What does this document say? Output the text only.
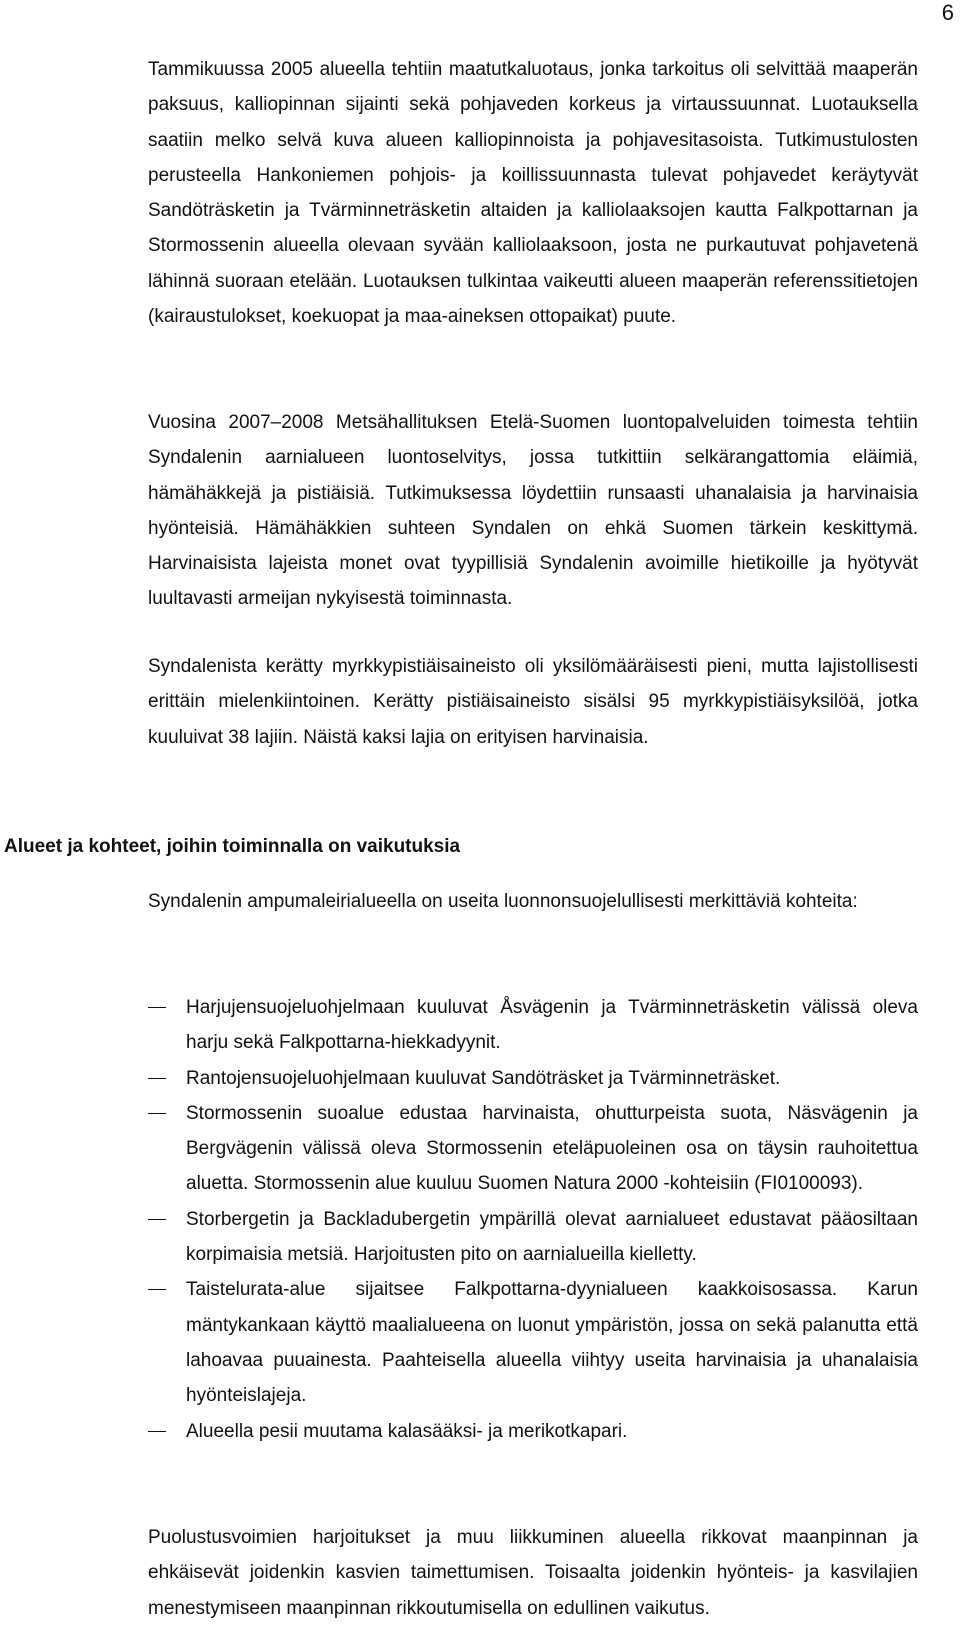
6

Tammikuussa 2005 alueella tehtiin maatutkaluotaus, jonka tarkoitus oli selvittää maaperän paksuus, kalliopinnan sijainti sekä pohjaveden korkeus ja virtaussuunnat. Luotauksella saatiin melko selvä kuva alueen kalliopinnoista ja pohjavesitasoista. Tutkimustulosten perusteella Hankoniemen pohjois- ja koillissuunnasta tulevat pohjavedet keräytyvät Sandöträsketin ja Tvärminneträsketin altaiden ja kalliolaaksojen kautta Falkpottarnan ja Stormossenin alueella olevaan syvään kalliolaaksoon, josta ne purkautuvat pohjavetenä lähinnä suoraan etelään. Luotauksen tulkintaa vaikeutti alueen maaperän referenssitietojen (kairaustulokset, koekuopat ja maa-aineksen ottopaikat) puute.

Vuosina 2007–2008 Metsähallituksen Etelä-Suomen luontopalveluiden toimesta tehtiin Syndalenin aarnialueen luontoselvitys, jossa tutkittiin selkärangattomia eläimiä, hämähäkkejä ja pistiäisiä. Tutkimuksessa löydettiin runsaasti uhanalaisia ja harvinaisia hyönteisiä. Hämähäkkien suhteen Syndalen on ehkä Suomen tärkein keskittymä. Harvinaisista lajeista monet ovat tyypillisiä Syndalenin avoimille hietikoille ja hyötyvät luultavasti armeijan nykyisestä toiminnasta.

Syndalenista kerätty myrkkypistiäisaineisto oli yksilömääräisesti pieni, mutta lajistollisesti erittäin mielenkiintoinen. Kerätty pistiäisaineisto sisälsi 95 myrkkypistiäisyksilöä, jotka kuuluivat 38 lajiin. Näistä kaksi lajia on erityisen harvinaisia.

Alueet ja kohteet, joihin toiminnalla on vaikutuksia

Syndalenin ampumaleirialueella on useita luonnonsuojelullisesti merkittäviä kohteita:

Harjujensuojeluohjelmaan kuuluvat Åsvägenin ja Tvärminneträsketin välissä oleva harju sekä Falkpottarna-hiekkadyynit.
Rantojensuojeluohjelmaan kuuluvat Sandöträsket ja Tvärminneträsket.
Stormossenin suoalue edustaa harvinaista, ohutturpeista suota, Näsvägenin ja Bergvägenin välissä oleva Stormossenin eteläpuoleinen osa on täysin rauhoitettua aluetta. Stormossenin alue kuuluu Suomen Natura 2000 -kohteisiin (FI0100093).
Storbergetin ja Backladubergetin ympärillä olevat aarnialueet edustavat pääosiltaan korpimaisia metsiä. Harjoitusten pito on aarnialueilla kielletty.
Taistelurata-alue sijaitsee Falkpottarna-dyynialueen kaakkoisosassa. Karun mäntykankaan käyttö maalialueena on luonut ympäristön, jossa on sekä palanutta että lahoavaa puuainesta. Paahteisella alueella viihtyy useita harvinaisia ja uhanalaisia hyönteislajeja.
Alueella pesii muutama kalasääksi- ja merikotkapari.

Puolustusvoimien harjoitukset ja muu liikkuminen alueella rikkovat maanpinnan ja ehkäisevät joidenkin kasvien taimettumisen. Toisaalta joidenkin hyönteis- ja kasvilajien menestymiseen maanpinnan rikkoutumisella on edullinen vaikutus.
